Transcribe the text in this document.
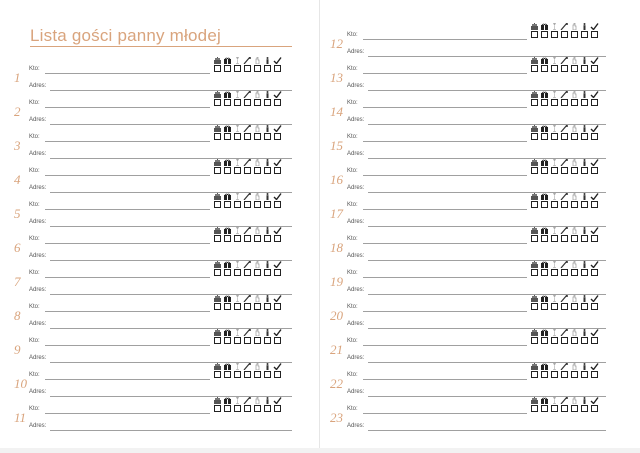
Lista gości panny młodej
Kto:
1
Adres:
Kto:
2
Adres:
Kto:
3
Adres:
Kto:
4
Adres:
Kto:
5
Adres:
Kto:
6
Adres:
Kto:
7
Adres:
Kto:
8
Adres:
Kto:
9
Adres:
Kto:
10
Adres:
Kto:
11
Adres:
Kto:
12
Adres:
Kto:
13
Adres:
Kto:
14
Adres:
Kto:
15
Adres:
Kto:
16
Adres:
Kto:
17
Adres:
Kto:
18
Adres:
Kto:
19
Adres:
Kto:
20
Adres:
Kto:
21
Adres:
Kto:
22
Adres:
Kto:
23
Adres:
